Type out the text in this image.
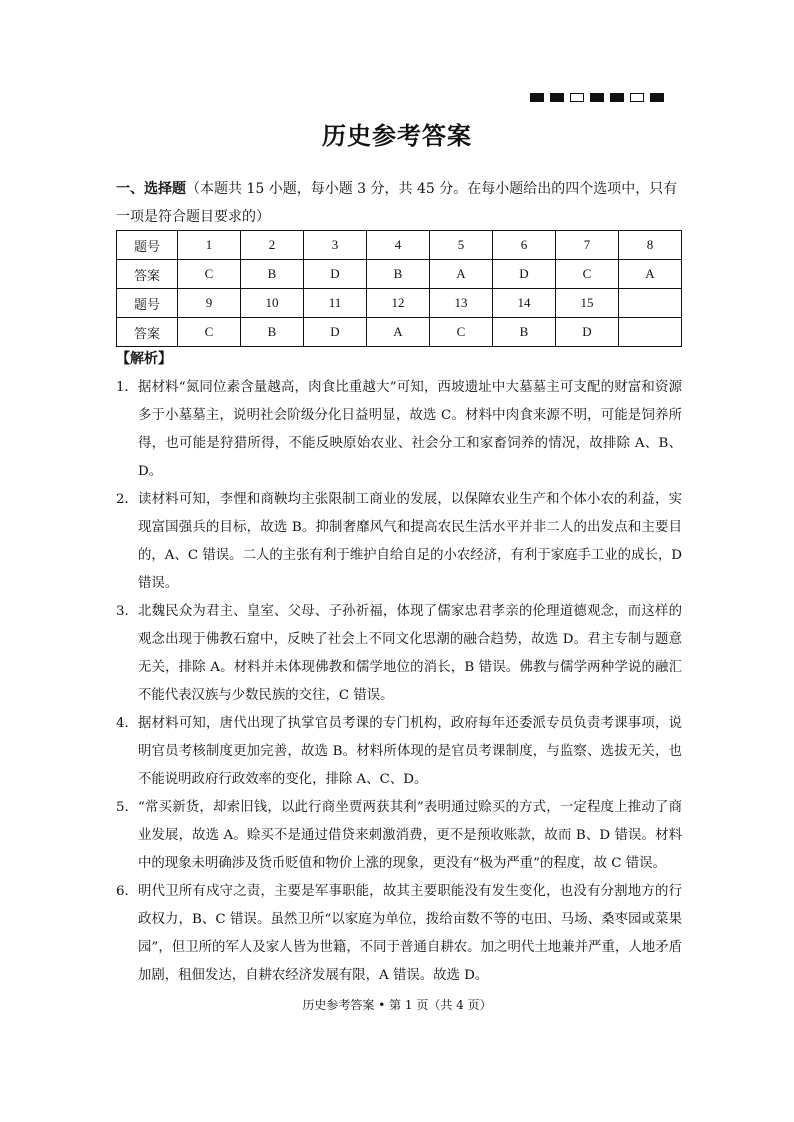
历史参考答案
一、选择题（本题共 15 小题，每小题 3 分，共 45 分。在每小题给出的四个选项中，只有一项是符合题目要求的）
题号	1	2	3	4	5	6	7	8
答案	C	B	D	B	A	D	C	A
题号	9	10	11	12	13	14	15	
答案	C	B	D	A	C	B	D	
【解析】
1． 据材料“氮同位素含量越高，肉食比重越大”可知，西坡遗址中大墓墓主可支配的财富和资源多于小墓墓主，说明社会阶级分化日益明显，故选 C。材料中肉食来源不明，可能是饲养所得，也可能是狩猎所得，不能反映原始农业、社会分工和家畜饲养的情况，故排除 A、B、D。
2． 读材料可知，李悝和商鞅均主张限制工商业的发展，以保障农业生产和个体小农的利益，实现富国强兵的目标，故选 B。抑制奢靡风气和提高农民生活水平并非二人的出发点和主要目的，A、C 错误。二人的主张有利于维护自给自足的小农经济，有利于家庭手工业的成长，D 错误。
3． 北魏民众为君主、皇室、父母、子孙祈福，体现了儒家忠君孝亲的伦理道德观念，而这样的观念出现于佛教石窟中，反映了社会上不同文化思潮的融合趋势，故选 D。君主专制与题意无关，排除 A。材料并未体现佛教和儒学地位的消长，B 错误。佛教与儒学两种学说的融汇不能代表汉族与少数民族的交往，C 错误。
4． 据材料可知，唐代出现了执掌官员考课的专门机构，政府每年还委派专员负责考课事项，说明官员考核制度更加完善，故选 B。材料所体现的是官员考课制度，与监察、选拔无关，也不能说明政府行政效率的变化，排除 A、C、D。
5． “常买新货，却索旧钱，以此行商坐贾两获其利”表明通过赊买的方式，一定程度上推动了商业发展，故选 A。赊买不是通过借贷来刺激消费，更不是预收账款，故而 B、D 错误。材料中的现象未明确涉及货币贬值和物价上涨的现象，更没有“极为严重”的程度，故 C 错误。
6． 明代卫所有戍守之责，主要是军事职能，故其主要职能没有发生变化，也没有分割地方的行政权力，B、C 错误。虽然卫所“以家庭为单位，拨给亩数不等的屯田、马场、桑枣园或菜果园”，但卫所的军人及家人皆为世籍，不同于普通自耕农。加之明代土地兼并严重，人地矛盾加剧，租佃发达，自耕农经济发展有限，A 错误。故选 D。
历史参考答案 • 第 1 页（共 4 页）
